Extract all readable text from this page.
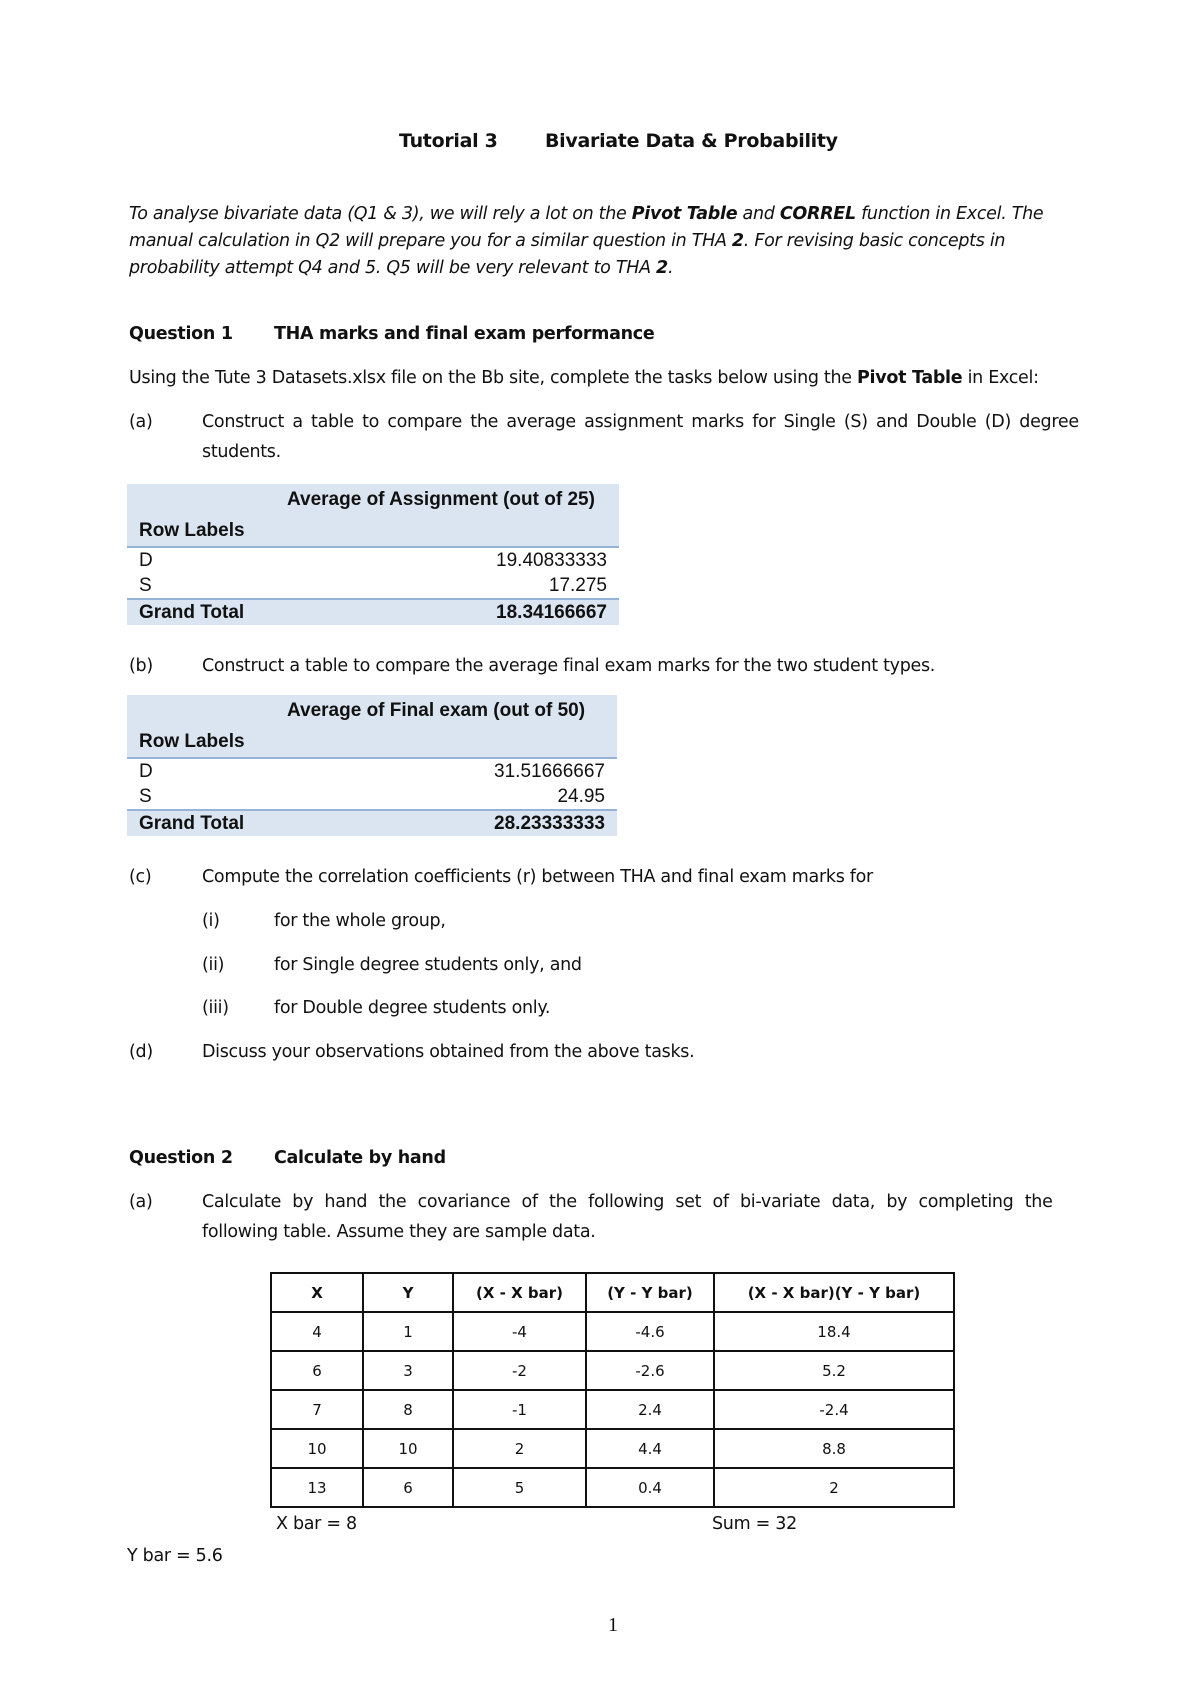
Tutorial 3 Bivariate Data & Probability
To analyse bivariate data (Q1 & 3), we will rely a lot on the Pivot Table and CORREL function in Excel. The
manual calculation in Q2 will prepare you for a similar question in THA 2. For revising basic concepts in
probability attempt Q4 and 5. Q5 will be very relevant to THA 2.
Question 1 THA marks and final exam performance
Using the Tute 3 Datasets.xlsx file on the Bb site, complete the tasks below using the Pivot Table in Excel:
(a)	Construct a table to compare the average assignment marks for Single (S) and Double (D) degree
students.
Row Labels
Average of Assignment (out of 25)
D	19.40833333
S	17.275
Grand Total	18.34166667
(b)	Construct a table to compare the average final exam marks for the two student types.
Row Labels
Average of Final exam (out of 50)
D	31.51666667
S	24.95
Grand Total	28.23333333
(c)	Compute the correlation coefficients (r) between THA and final exam marks for
(i)	for the whole group,
(ii)	for Single degree students only, and
(iii)	for Double degree students only.
(d)	Discuss your observations obtained from the above tasks.
Question 2 Calculate by hand
(a)	Calculate by hand the covariance of the following set of bi-variate data, by completing the
following table. Assume they are sample data.
X	Y	(X - X bar)	(Y - Y bar)	(X - X bar)(Y - Y bar)
4	1	-4	-4.6	18.4
6	3	-2	-2.6	5.2
7	8	-1	2.4	-2.4
10	10	2	4.4	8.8
13	6	5	0.4	2
X bar = 8	Sum = 32
Y bar = 5.6
1
